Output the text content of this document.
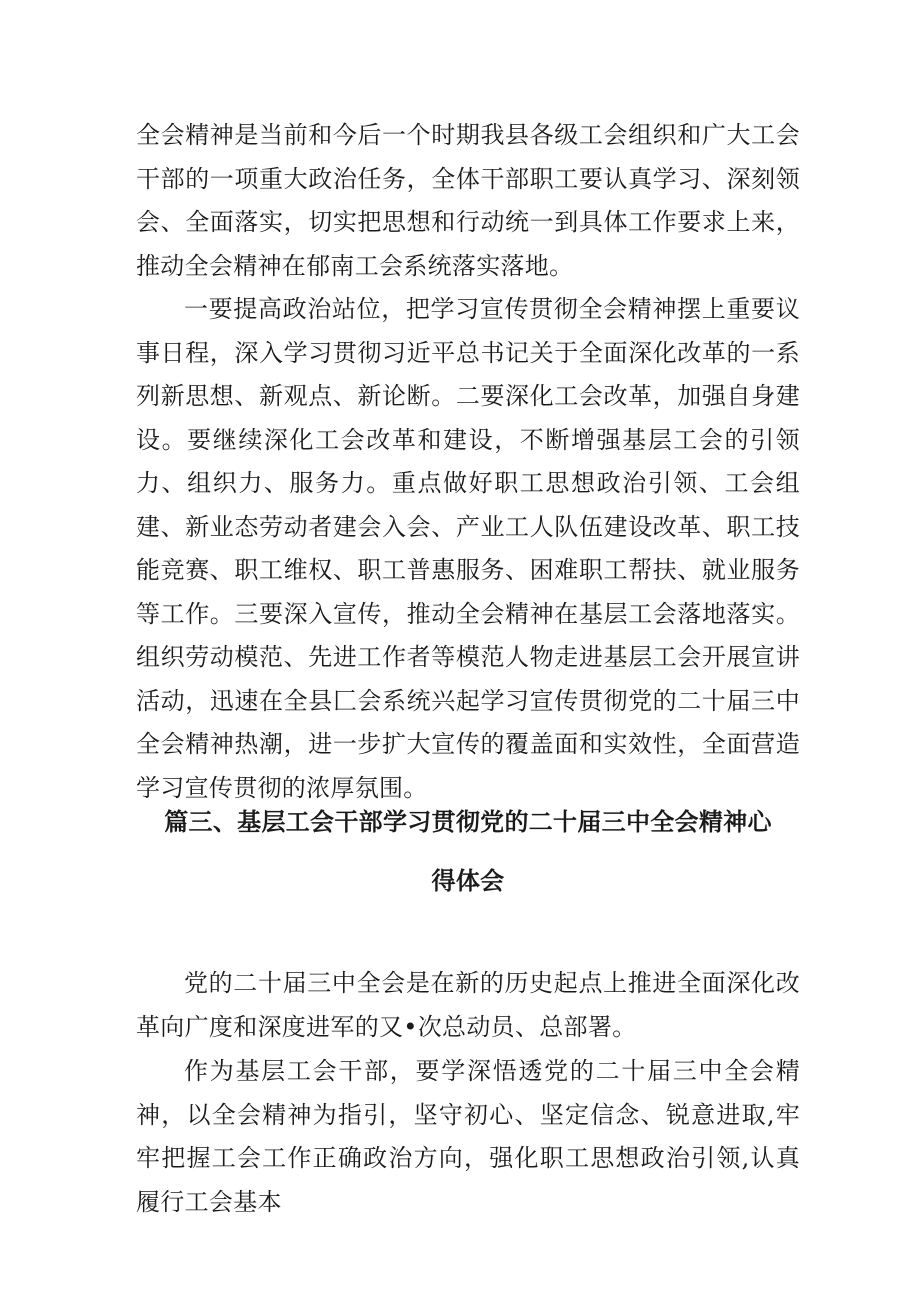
全会精神是当前和今后一个时期我县各级工会组织和广大工会干部的一项重大政治任务，全体干部职工要认真学习、深刻领会、全面落实，切实把思想和行动统一到具体工作要求上来，推动全会精神在郁南工会系统落实落地。

一要提高政治站位，把学习宣传贯彻全会精神摆上重要议事日程，深入学习贯彻习近平总书记关于全面深化改革的一系列新思想、新观点、新论断。二要深化工会改革，加强自身建设。要继续深化工会改革和建设，不断增强基层工会的引领力、组织力、服务力。重点做好职工思想政治引领、工会组建、新业态劳动者建会入会、产业工人队伍建设改革、职工技能竞赛、职工维权、职工普惠服务、困难职工帮扶、就业服务等工作。三要深入宣传，推动全会精神在基层工会落地落实。组织劳动模范、先进工作者等模范人物走进基层工会开展宣讲活动，迅速在全县匚会系统兴起学习宣传贯彻党的二十届三中全会精神热潮，进一步扩大宣传的覆盖面和实效性，全面营造学习宣传贯彻的浓厚氛围。

篇三、基层工会干部学习贯彻党的二十届三中全会精神心

得体会

党的二十届三中全会是在新的历史起点上推进全面深化改革向广度和深度进军的又•次总动员、总部署。

作为基层工会干部，要学深悟透党的二十届三中全会精神，以全会精神为指引，坚守初心、坚定信念、锐意进取,牢牢把握工会工作正确政治方向，强化职工思想政治引领,认真履行工会基本
